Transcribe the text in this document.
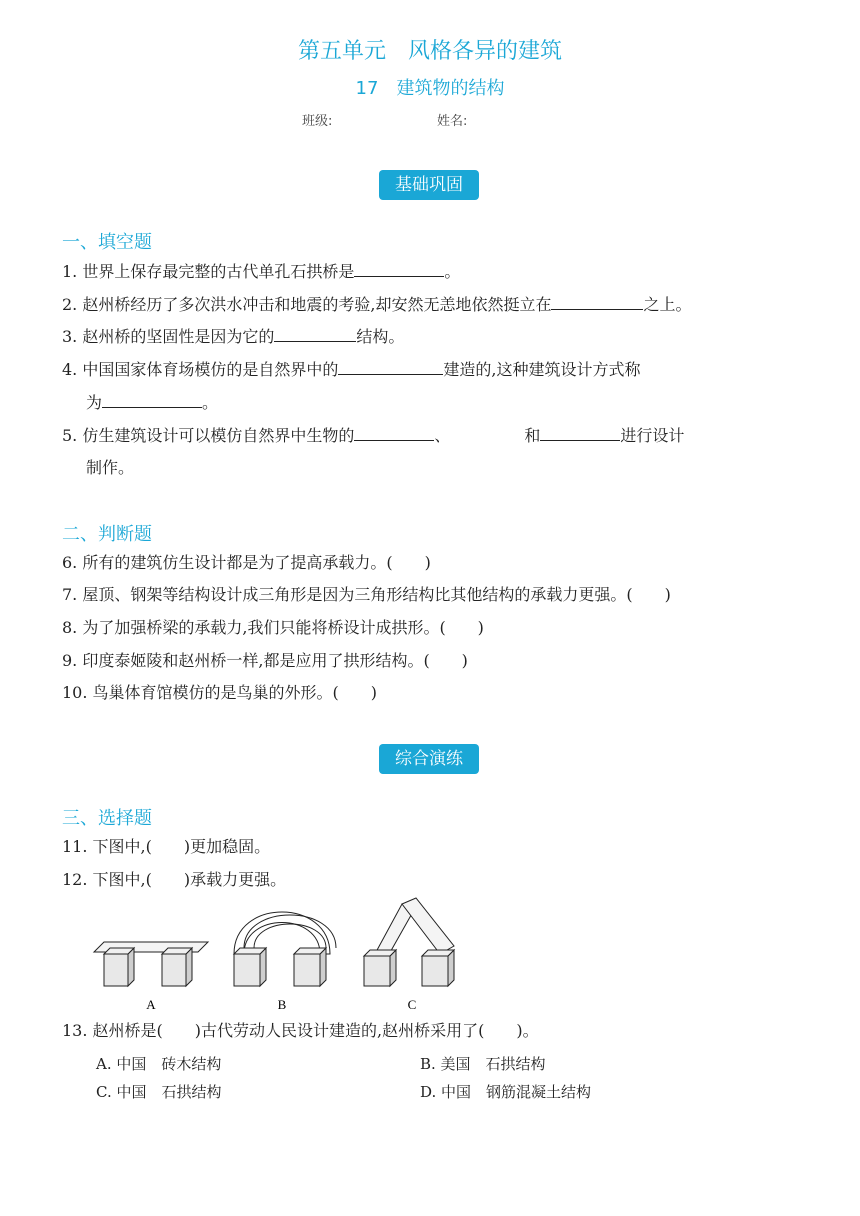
第五单元　风格各异的建筑
17　建筑物的结构
班级:	姓名:
基础巩固
一、填空题
1. 世界上保存最完整的古代单孔石拱桥是	。
2. 赵州桥经历了多次洪水冲击和地震的考验,却安然无恙地依然挺立在	之上。
3. 赵州桥的坚固性是因为它的	结构。
4. 中国国家体育场模仿的是自然界中的	建造的,这种建筑设计方式称
为	。
5. 仿生建筑设计可以模仿自然界中生物的	、	和	进行设计
制作。
二、判断题
6. 所有的建筑仿生设计都是为了提高承载力。(　　)
7. 屋顶、钢架等结构设计成三角形是因为三角形结构比其他结构的承载力更强。(　　)
8. 为了加强桥梁的承载力,我们只能将桥设计成拱形。(　　)
9. 印度泰姬陵和赵州桥一样,都是应用了拱形结构。(　　)
10. 鸟巢体育馆模仿的是鸟巢的外形。(　　)
综合演练
三、选择题
11. 下图中,(　　)更加稳固。
12. 下图中,(　　)承载力更强。
A	B	C
13. 赵州桥是(　　)古代劳动人民设计建造的,赵州桥采用了(　　)。
A. 中国　砖木结构	B. 美国　石拱结构
C. 中国　石拱结构	D. 中国　钢筋混凝土结构
